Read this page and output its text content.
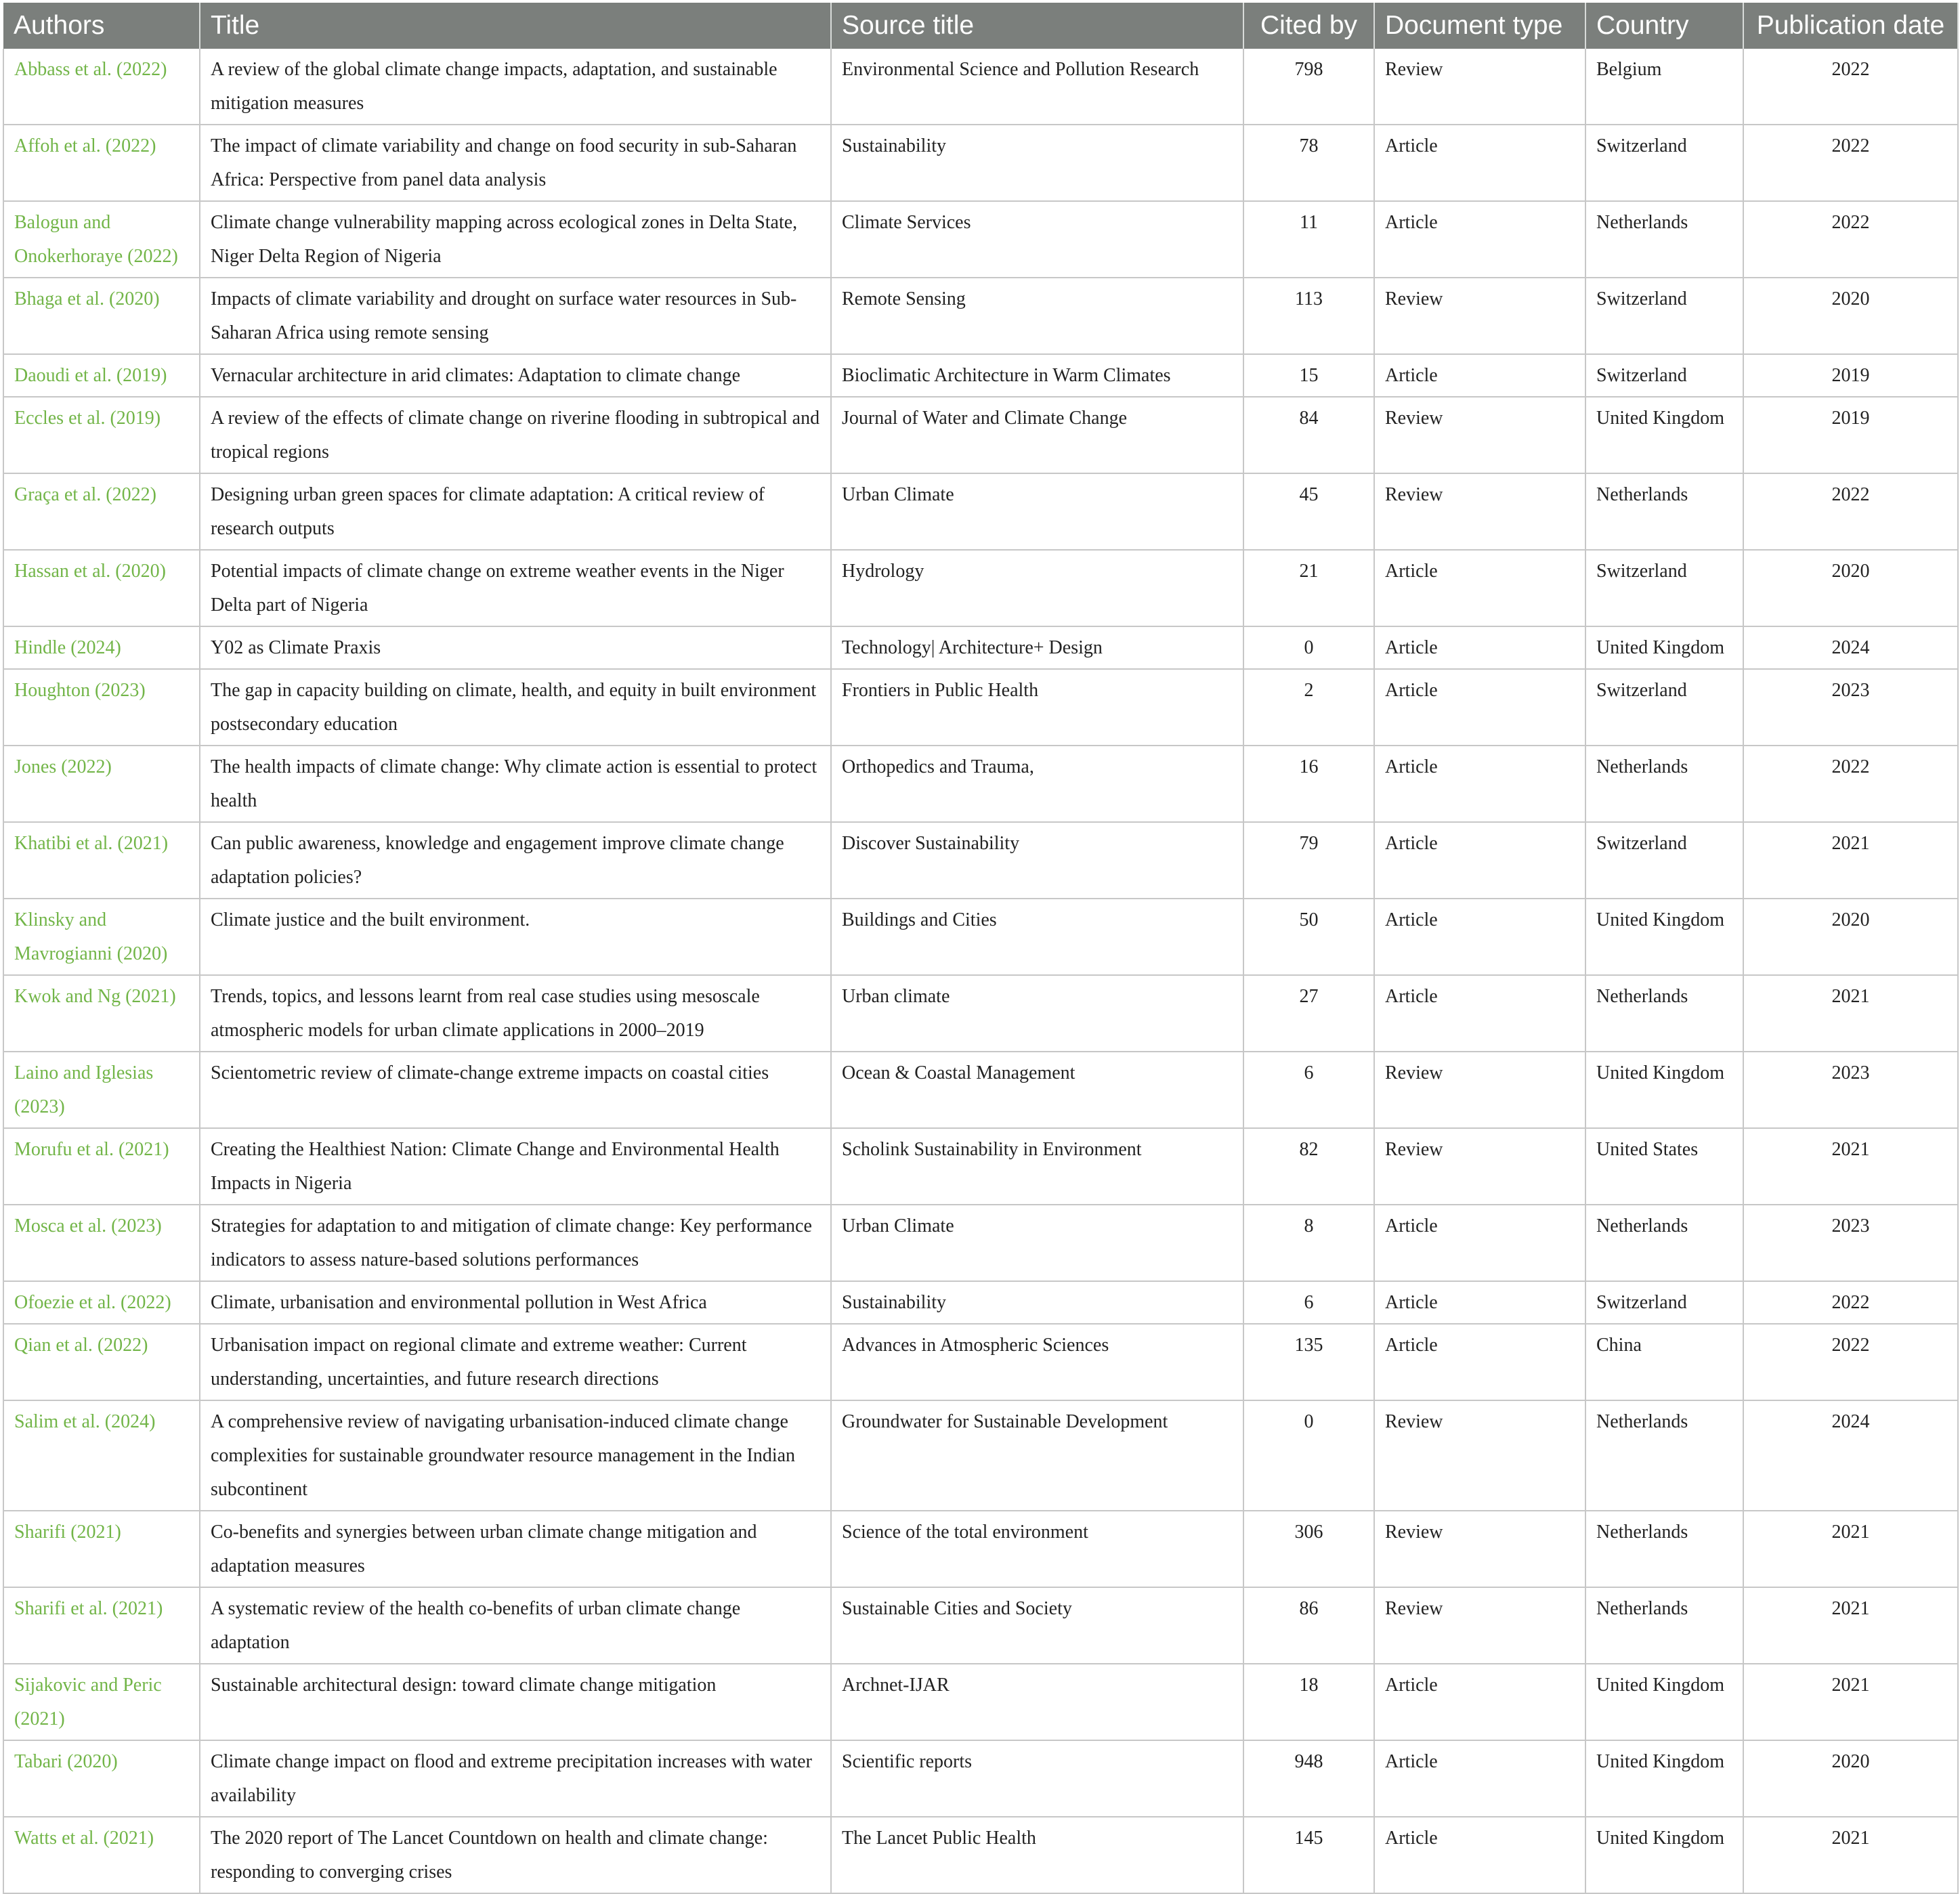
Authors	Title	Source title	Cited by	Document type	Country	Publication date
Abbass et al. (2022)	A review of the global climate change impacts, adaptation, and sustainable mitigation measures	Environmental Science and Pollution Research	798	Review	Belgium	2022
Affoh et al. (2022)	The impact of climate variability and change on food security in sub-Saharan Africa: Perspective from panel data analysis	Sustainability	78	Article	Switzerland	2022
Balogun and Onokerhoraye (2022)	Climate change vulnerability mapping across ecological zones in Delta State, Niger Delta Region of Nigeria	Climate Services	11	Article	Netherlands	2022
Bhaga et al. (2020)	Impacts of climate variability and drought on surface water resources in Sub-Saharan Africa using remote sensing	Remote Sensing	113	Review	Switzerland	2020
Daoudi et al. (2019)	Vernacular architecture in arid climates: Adaptation to climate change	Bioclimatic Architecture in Warm Climates	15	Article	Switzerland	2019
Eccles et al. (2019)	A review of the effects of climate change on riverine flooding in subtropical and tropical regions	Journal of Water and Climate Change	84	Review	United Kingdom	2019
Graça et al. (2022)	Designing urban green spaces for climate adaptation: A critical review of research outputs	Urban Climate	45	Review	Netherlands	2022
Hassan et al. (2020)	Potential impacts of climate change on extreme weather events in the Niger Delta part of Nigeria	Hydrology	21	Article	Switzerland	2020
Hindle (2024)	Y02 as Climate Praxis	Technology| Architecture+ Design	0	Article	United Kingdom	2024
Houghton (2023)	The gap in capacity building on climate, health, and equity in built environment postsecondary education	Frontiers in Public Health	2	Article	Switzerland	2023
Jones (2022)	The health impacts of climate change: Why climate action is essential to protect health	Orthopedics and Trauma,	16	Article	Netherlands	2022
Khatibi et al. (2021)	Can public awareness, knowledge and engagement improve climate change adaptation policies?	Discover Sustainability	79	Article	Switzerland	2021
Klinsky and Mavrogianni (2020)	Climate justice and the built environment.	Buildings and Cities	50	Article	United Kingdom	2020
Kwok and Ng (2021)	Trends, topics, and lessons learnt from real case studies using mesoscale atmospheric models for urban climate applications in 2000–2019	Urban climate	27	Article	Netherlands	2021
Laino and Iglesias (2023)	Scientometric review of climate-change extreme impacts on coastal cities	Ocean & Coastal Management	6	Review	United Kingdom	2023
Morufu et al. (2021)	Creating the Healthiest Nation: Climate Change and Environmental Health Impacts in Nigeria	Scholink Sustainability in Environment	82	Review	United States	2021
Mosca et al. (2023)	Strategies for adaptation to and mitigation of climate change: Key performance indicators to assess nature-based solutions performances	Urban Climate	8	Article	Netherlands	2023
Ofoezie et al. (2022)	Climate, urbanisation and environmental pollution in West Africa	Sustainability	6	Article	Switzerland	2022
Qian et al. (2022)	Urbanisation impact on regional climate and extreme weather: Current understanding, uncertainties, and future research directions	Advances in Atmospheric Sciences	135	Article	China	2022
Salim et al. (2024)	A comprehensive review of navigating urbanisation-induced climate change complexities for sustainable groundwater resource management in the Indian subcontinent	Groundwater for Sustainable Development	0	Review	Netherlands	2024
Sharifi (2021)	Co-benefits and synergies between urban climate change mitigation and adaptation measures	Science of the total environment	306	Review	Netherlands	2021
Sharifi et al. (2021)	A systematic review of the health co-benefits of urban climate change adaptation	Sustainable Cities and Society	86	Review	Netherlands	2021
Sijakovic and Peric (2021)	Sustainable architectural design: toward climate change mitigation	Archnet-IJAR	18	Article	United Kingdom	2021
Tabari (2020)	Climate change impact on flood and extreme precipitation increases with water availability	Scientific reports	948	Article	United Kingdom	2020
Watts et al. (2021)	The 2020 report of The Lancet Countdown on health and climate change: responding to converging crises	The Lancet Public Health	145	Article	United Kingdom	2021
